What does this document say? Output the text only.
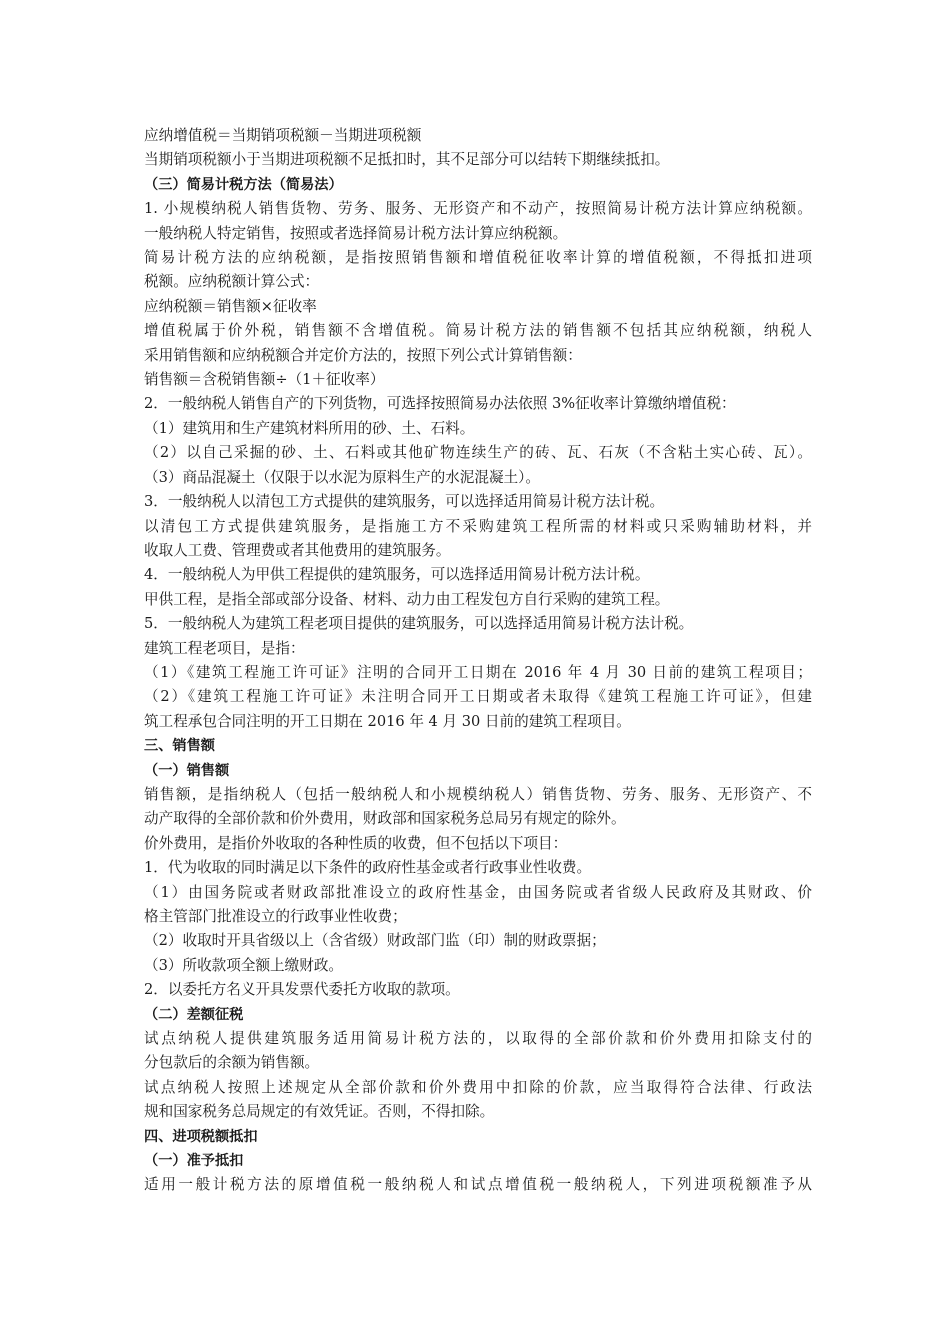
应纳增值税＝当期销项税额－当期进项税额
当期销项税额小于当期进项税额不足抵扣时，其不足部分可以结转下期继续抵扣。
（三）简易计税方法（简易法）
1. 小规模纳税人销售货物、劳务、服务、无形资产和不动产，按照简易计税方法计算应纳税额。
一般纳税人特定销售，按照或者选择简易计税方法计算应纳税额。
简易计税方法的应纳税额，是指按照销售额和增值税征收率计算的增值税额，不得抵扣进项
税额。应纳税额计算公式：
应纳税额＝销售额×征收率
增值税属于价外税，销售额不含增值税。简易计税方法的销售额不包括其应纳税额，纳税人
采用销售额和应纳税额合并定价方法的，按照下列公式计算销售额：
销售额＝含税销售额÷（1＋征收率）
2．一般纳税人销售自产的下列货物，可选择按照简易办法依照 3%征收率计算缴纳增值税：
（1）建筑用和生产建筑材料所用的砂、土、石料。
（2）以自己采掘的砂、土、石料或其他矿物连续生产的砖、瓦、石灰（不含粘土实心砖、瓦）。
（3）商品混凝土（仅限于以水泥为原料生产的水泥混凝土）。
3．一般纳税人以清包工方式提供的建筑服务，可以选择适用简易计税方法计税。
以清包工方式提供建筑服务，是指施工方不采购建筑工程所需的材料或只采购辅助材料，并
收取人工费、管理费或者其他费用的建筑服务。
4．一般纳税人为甲供工程提供的建筑服务，可以选择适用简易计税方法计税。
甲供工程，是指全部或部分设备、材料、动力由工程发包方自行采购的建筑工程。
5．一般纳税人为建筑工程老项目提供的建筑服务，可以选择适用简易计税方法计税。
建筑工程老项目，是指：
（1）《建筑工程施工许可证》注明的合同开工日期在 2016 年 4 月 30 日前的建筑工程项目；
（2）《建筑工程施工许可证》未注明合同开工日期或者未取得《建筑工程施工许可证》，但建
筑工程承包合同注明的开工日期在 2016 年 4 月 30 日前的建筑工程项目。
三、销售额
（一）销售额
销售额，是指纳税人（包括一般纳税人和小规模纳税人）销售货物、劳务、服务、无形资产、不
动产取得的全部价款和价外费用，财政部和国家税务总局另有规定的除外。
价外费用，是指价外收取的各种性质的收费，但不包括以下项目：
1．代为收取的同时满足以下条件的政府性基金或者行政事业性收费。
（1）由国务院或者财政部批准设立的政府性基金，由国务院或者省级人民政府及其财政、价
格主管部门批准设立的行政事业性收费；
（2）收取时开具省级以上（含省级）财政部门监（印）制的财政票据；
（3）所收款项全额上缴财政。
2．以委托方名义开具发票代委托方收取的款项。
（二）差额征税
试点纳税人提供建筑服务适用简易计税方法的，以取得的全部价款和价外费用扣除支付的
分包款后的余额为销售额。
试点纳税人按照上述规定从全部价款和价外费用中扣除的价款，应当取得符合法律、行政法
规和国家税务总局规定的有效凭证。否则，不得扣除。
四、进项税额抵扣
（一）准予抵扣
适用一般计税方法的原增值税一般纳税人和试点增值税一般纳税人，下列进项税额准予从
